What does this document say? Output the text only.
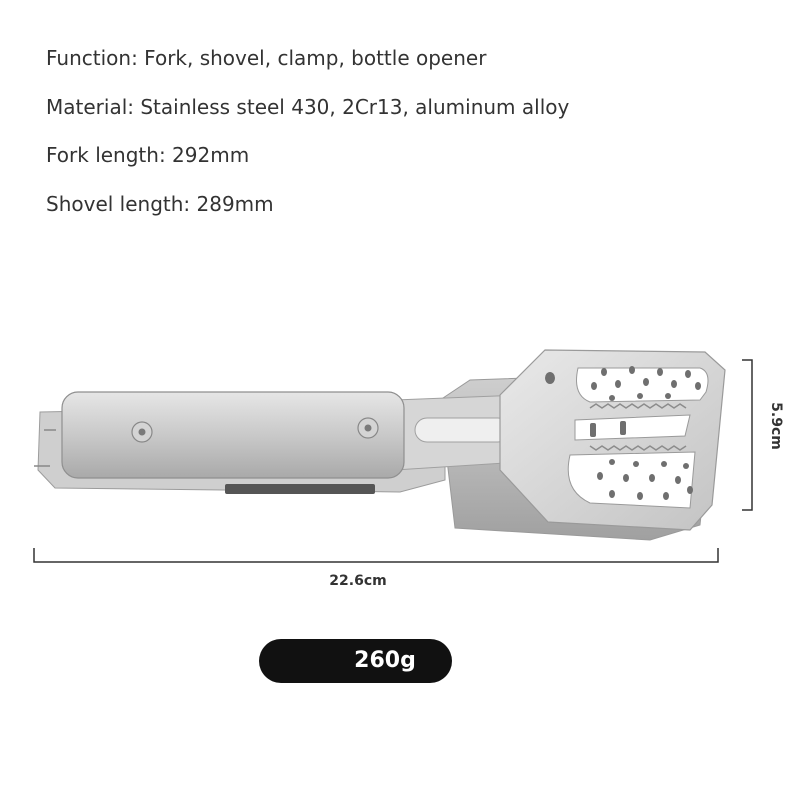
Function: Fork, shovel, clamp, bottle opener
Material: Stainless steel 430, 2Cr13, aluminum alloy
Fork length: 292mm
Shovel length: 289mm
22.6cm
5.9cm
260g
